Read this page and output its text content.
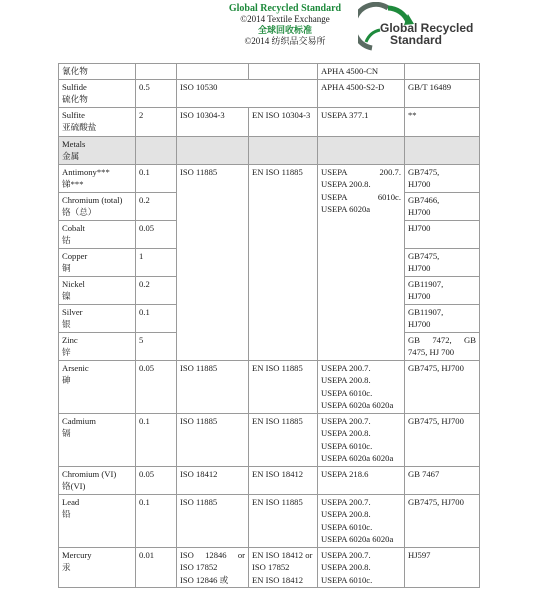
Global Recycled Standard
©2014 Textile Exchange
全球回收标准
©2014 纺织品交易所
Global Recycled
Standard
氰化物				APHA 4500-CN	

Sulfide
硫化物	0.5	ISO 10530		APHA 4500-S2-D	GB/T 16489

Sulfite
亚硫酸盐	2	ISO 10304-3	EN ISO 10304-3	USEPA 377.1	**

Metals
金属					

Antimony***
锑***	0.1	ISO 11885	EN ISO 11885	USEPA 200.7.
USEPA 200.8.
USEPA 6010c.
USEPA 6020a	GB7475,
HJ700

Chromium (total)
铬（总）	0.2				GB7466,
HJ700

Cobalt
钴	0.05				HJ700

Copper
铜	1				GB7475,
HJ700

Nickel
镍	0.2				GB11907,
HJ700

Silver
银	0.1				GB11907,
HJ700

Zinc
锌	5				GB 7472, GB
7475, HJ 700

Arsenic
砷	0.05	ISO 11885	EN ISO 11885	USEPA 200.7.
USEPA 200.8.
USEPA 6010c.
USEPA 6020a 6020a	GB7475, HJ700

Cadmium
镉	0.1	ISO 11885	EN ISO 11885	USEPA 200.7.
USEPA 200.8.
USEPA 6010c.
USEPA 6020a 6020a	GB7475, HJ700

Chromium (VI)
铬(VI)	0.05	ISO 18412	EN ISO 18412	USEPA 218.6	GB 7467

Lead
铅	0.1	ISO 11885	EN ISO 11885	USEPA 200.7.
USEPA 200.8.
USEPA 6010c.
USEPA 6020a 6020a	GB7475, HJ700

Mercury
汞	0.01	ISO 12846 or
ISO 17852
ISO 12846 或	EN ISO 18412 or
ISO 17852
EN ISO 18412	USEPA 200.7.
USEPA 200.8.
USEPA 6010c.	HJ597
